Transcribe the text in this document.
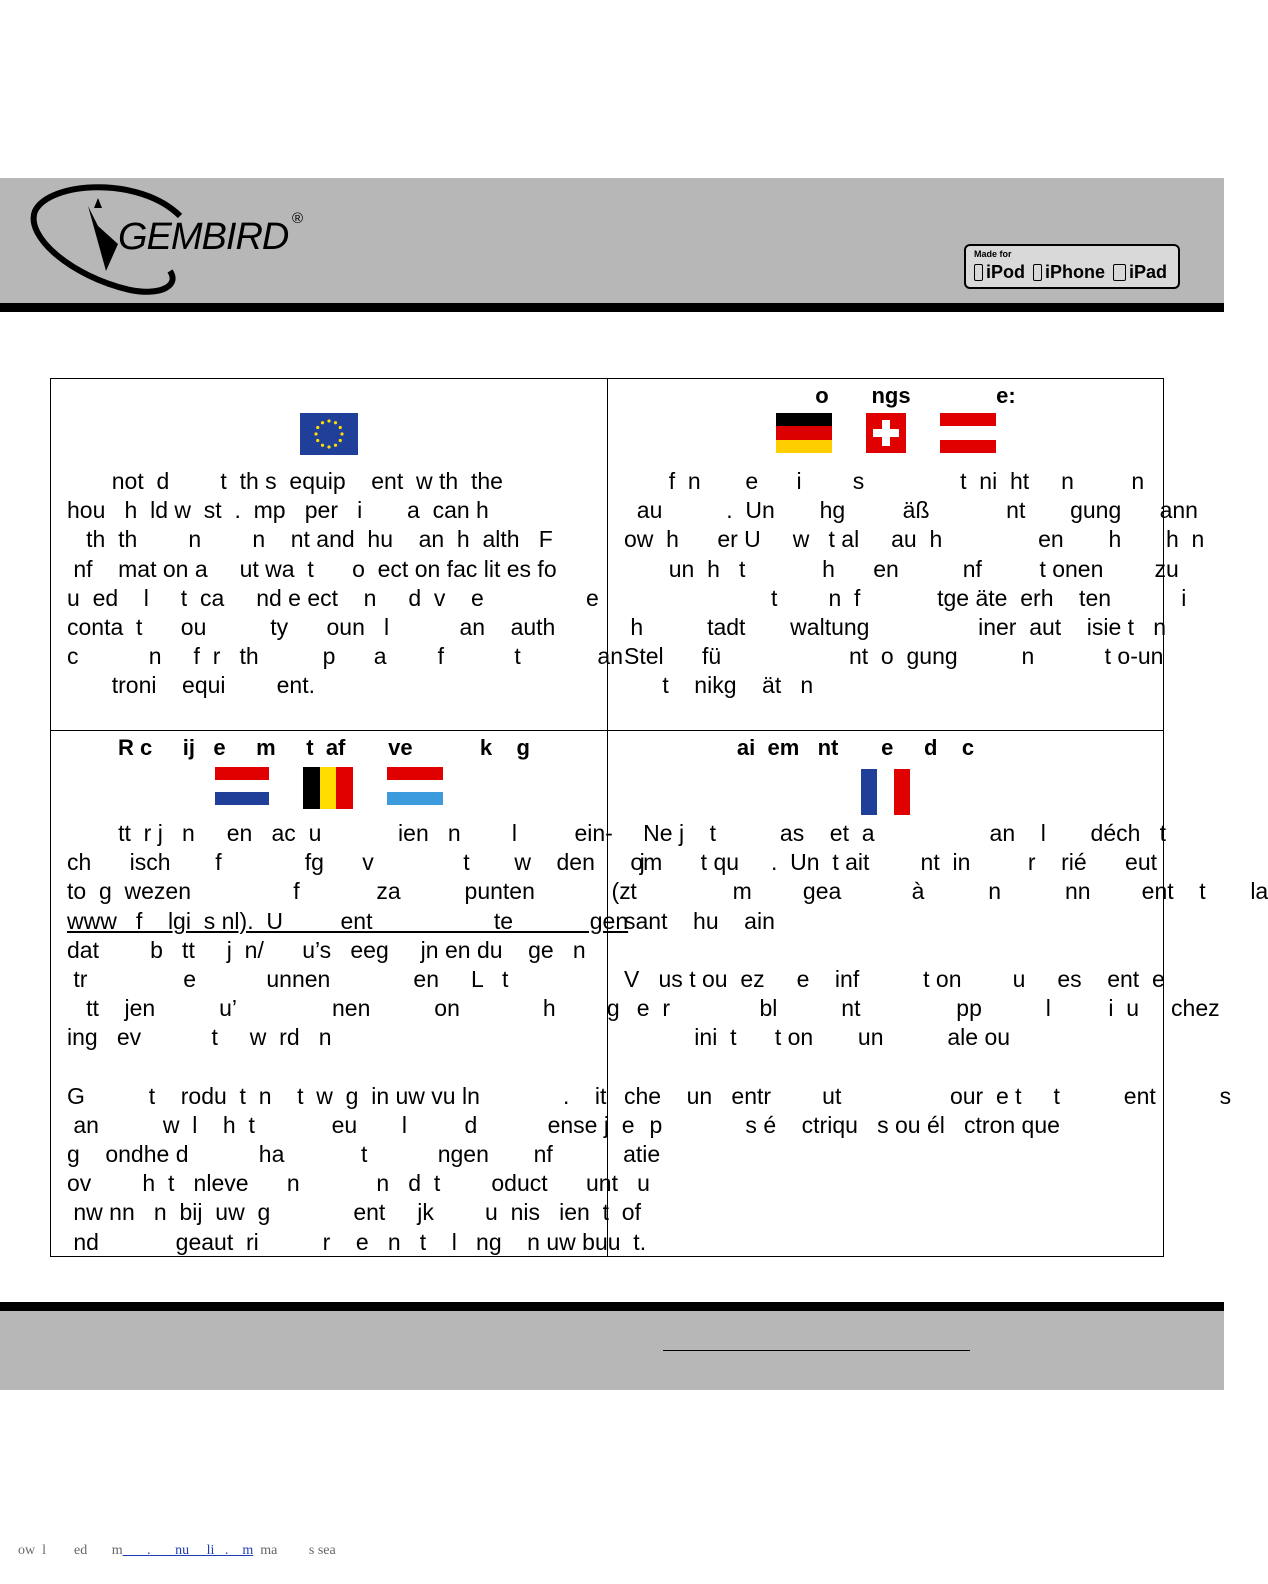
GEMBIRD ®
Made for
iPod iPhone iPad
not  d        t  th s  equip    ent  w th  the
hou   h  ld w  st  .  mp   per   i       a  can h
th  th        n        n    nt and  hu    an  h  alth   F
nf    mat on a     ut wa  t      o  ect on fac lit es fo
u  ed    l     t  ca     nd e ect    n     d  v    e                e
conta  t      ou          ty      oun   l           an    auth
c           n     f  r   th          p      a        f           t            an
troni    equi        ent.
o       ngs              e:
f  n       e      i        s               t  ni  ht     n         n
au          .  Un       hg         äß            nt       gung      ann
ow  h      er U     w   t al     au  h               en       h       h  n
un  h   t            h      en          nf         t onen        zu
t        n  f            tge äte  erh    ten           i
h          tadt       waltung                 iner  aut    isie t   n
Stel      fü                    nt  o  gung          n           t o-un
t    nikg    ät   n
R c     ij   e     m     t  af       ve           k    g
tt  r j   n     en   ac  u            ien   n        l         ein-
ch      isch       f             fg      v              t       w    den       j
to  g  wezen                f            za          punten            (z
www   f    lgi  s nl).  U         ent                   te            gen
dat        b   tt     j  n/      u’s   eeg     jn en du    ge   n
tr               e           unnen             en     L   t
tt    jen          u’               nen          on             h        g
ing   ev           t     w  rd   n
G          t    rodu  t  n    t  w  g  in uw vu ln             .    it
an          w  l    h  t            eu       l         d           ense j  e
g    ondhe d           ha            t           ngen       nf           atie
ov        h  t   nleve      n            n   d  t        oduct      unt   u
nw nn   n  bij  uw  g             ent     jk        u  nis   ien  t  of
nd            geaut  ri          r    e   n   t    l   ng    n uw buu  t.
ai  em   nt       e     d    c
Ne j    t          as    et  a                  an    l       déch   t
om      t qu     .  Un  t ait        nt  in         r    rié      eut
t               m        gea           à          n          nn        ent    t       la
sant    hu    ain
V   us t ou  ez     e    inf          t on        u     es    ent  e
e  r              bl          nt               pp          l         i  u     chez
ini  t      t on       un          ale ou
che    un   entr        ut                 our  e t     t          ent          s
p             s é    ctriqu   s ou él   ctron que
ow  l        ed       m       .       nu     li   .    m  ma         s sea
